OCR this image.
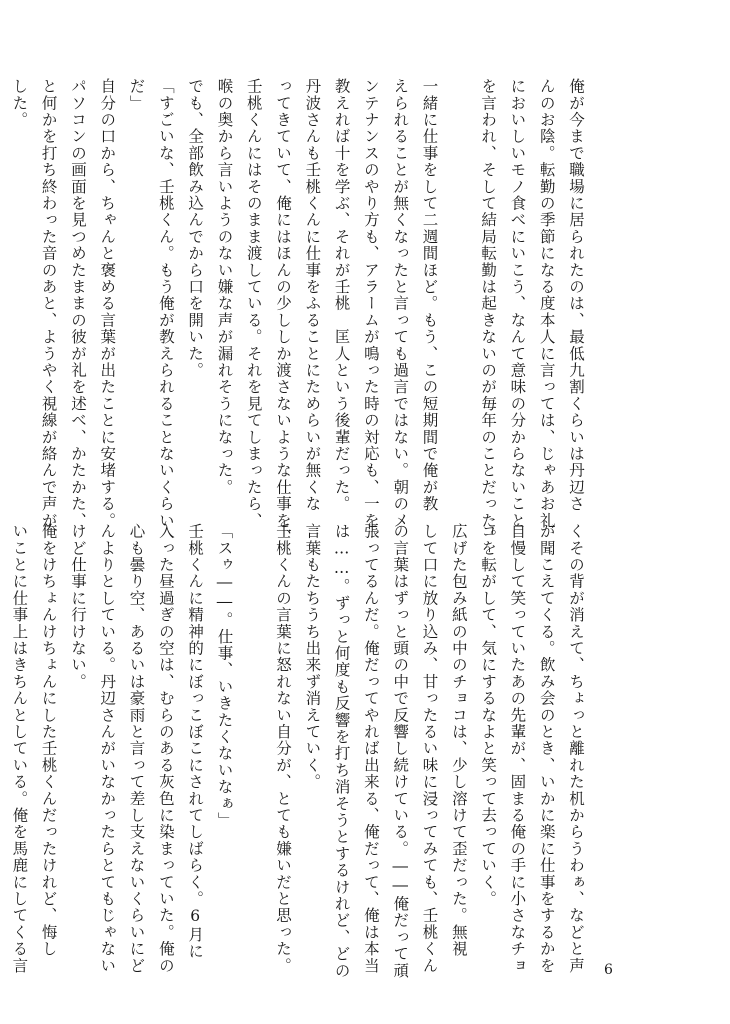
俺が今まで職場に居られたのは、最低九割くらいは丹辺さ
んのお陰。転勤の季節になる度本人に言っては、じゃあお礼
においしいモノ食べにいこう、なんて意味の分からないこと
を言われ、そして結局転勤は起きないのが毎年のことだった。

一緒に仕事をして二週間ほど。もう、この短期間で俺が教
えられることが無くなったと言っても過言ではない。朝のメ
ンテナンスのやり方も、アラームが鳴った時の対応も、一を
教えれば十を学ぶ、それが壬桃　匡人という後輩だった。
丹波さんも壬桃くんに仕事をふることにためらいが無くな
ってきていて、俺にはほんの少ししか渡さないような仕事を、
壬桃くんにはそのまま渡している。それを見てしまったら、
喉の奥から言いようのない嫌な声が漏れそうになった。
でも、全部飲み込んでから口を開いた。
「すごいな、壬桃くん。もう俺が教えられることないくらい
だ」
自分の口から、ちゃんと褒める言葉が出たことに安堵する。
パソコンの画面を見つめたままの彼が礼を述べ、かたかた、
と何かを打ち終わった音のあと、ようやく視線が絡んで声が
した。
くその背が消えて、ちょっと離れた机からうわぁ、などと声
が聞こえてくる。飲み会のとき、いかに楽に仕事をするかを
自慢して笑っていたあの先輩が、固まる俺の手に小さなチョ
コを転がして、気にするなよと笑って去っていく。
広げた包み紙の中のチョコは、少し溶けて歪だった。無視
して口に放り込み、甘ったるい味に浸ってみても、壬桃くん
の言葉はずっと頭の中で反響し続けている。――俺だって頑
張ってるんだ。俺だってやれば出来る、俺だって、俺は本当
は……。ずっと何度も反響を打ち消そうとするけれど、どの
言葉もたちうち出来ず消えていく。
壬桃くんの言葉に怒れない自分が、とても嫌いだと思った。

「スゥ――。仕事、いきたくないなぁ」
壬桃くんに精神的にぼっこぼこにされてしばらく。6月に
入った昼過ぎの空は、むらのある灰色に染まっていた。俺の
心も曇り空、あるいは豪雨と言って差し支えないくらいにど
んよりとしている。丹辺さんがいなかったらとてもじゃない
けど仕事に行けない。
俺をけちょんけちょんにした壬桃くんだったけれど、悔し
いことに仕事上はきちんとしている。俺を馬鹿にしてくる言	6
